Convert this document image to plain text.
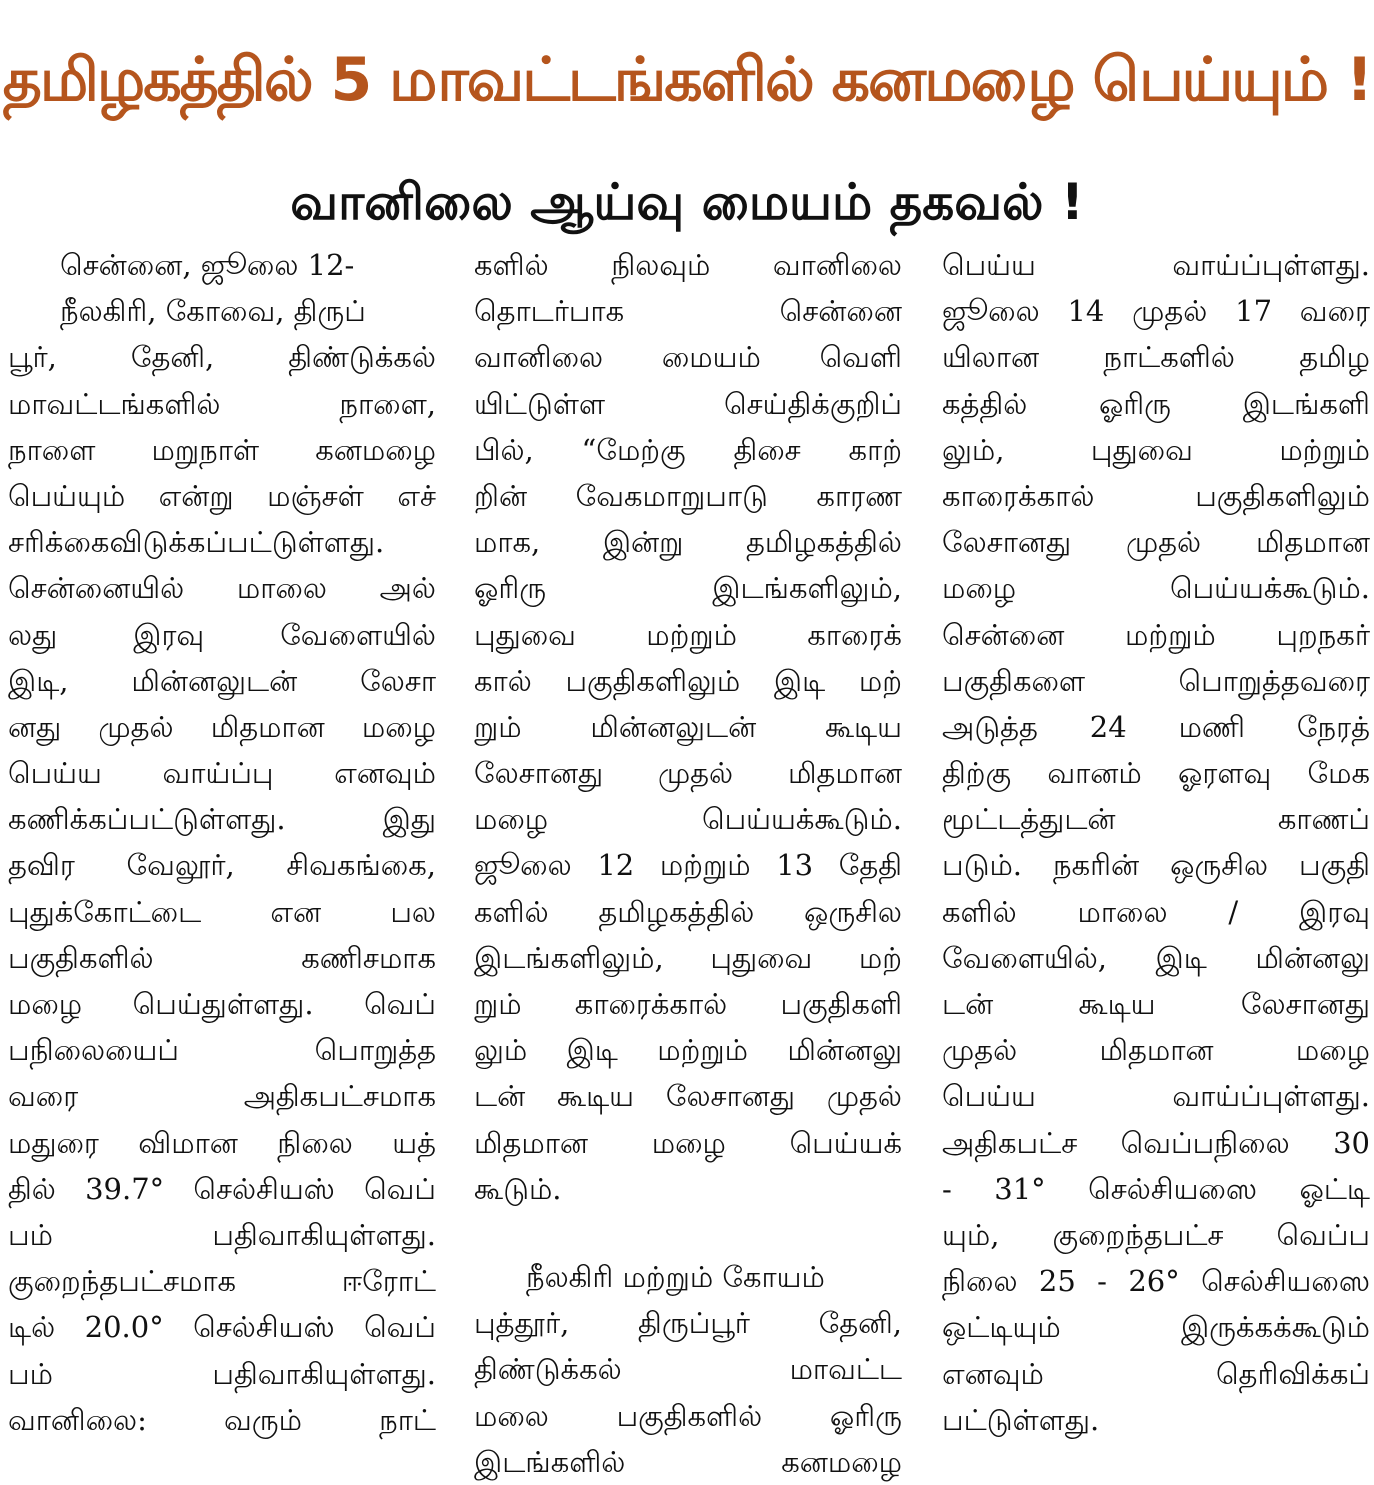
தமிழகத்தில் 5 மாவட்டங்களில் கனமழை பெய்யும் !
வானிலை ஆய்வு மையம் தகவல் !
சென்னை, ஜூலை 12-
நீலகிரி, கோவை, திருப்
பூர், தேனி, திண்டுக்கல்
மாவட்டங்களில் நாளை,
நாளை மறுநாள் கனமழை
பெய்யும் என்று மஞ்சள் எச்
சரிக்கைவிடுக்கப்பட்டுள்ளது.
சென்னையில் மாலை அல்
லது இரவு வேளையில்
இடி, மின்னலுடன் லேசா
னது முதல் மிதமான மழை
பெய்ய வாய்ப்பு எனவும்
கணிக்கப்பட்டுள்ளது. இது
தவிர வேலூர், சிவகங்கை,
புதுக்கோட்டை என பல
பகுதிகளில் கணிசமாக
மழை பெய்துள்ளது. வெப்
பநிலையைப் பொறுத்த
வரை அதிகபட்சமாக
மதுரை விமான நிலை யத்
தில் 39.7° செல்சியஸ் வெப்
பம் பதிவாகியுள்ளது.
குறைந்தபட்சமாக ஈரோட்
டில் 20.0° செல்சியஸ் வெப்
பம் பதிவாகியுள்ளது.
வானிலை: வரும் நாட்
களில் நிலவும் வானிலை
தொடர்பாக சென்னை
வானிலை மையம் வெளி
யிட்டுள்ள செய்திக்குறிப்
பில், “மேற்கு திசை காற்
றின் வேகமாறுபாடு காரண
மாக, இன்று தமிழகத்தில்
ஓரிரு இடங்களிலும்,
புதுவை மற்றும் காரைக்
கால் பகுதிகளிலும் இடி மற்
றும் மின்னலுடன் கூடிய
லேசானது முதல் மிதமான
மழை பெய்யக்கூடும்.
ஜூலை 12 மற்றும் 13 தேதி
களில் தமிழகத்தில் ஒருசில
இடங்களிலும், புதுவை மற்
றும் காரைக்கால் பகுதிகளி
லும் இடி மற்றும் மின்னலு
டன் கூடிய லேசானது முதல்
மிதமான மழை பெய்யக்
கூடும்.
நீலகிரி மற்றும் கோயம்
புத்தூர், திருப்பூர் தேனி,
திண்டுக்கல் மாவட்ட
மலை பகுதிகளில் ஓரிரு
இடங்களில் கனமழை
பெய்ய வாய்ப்புள்ளது.
ஜூலை 14 முதல் 17 வரை
யிலான நாட்களில் தமிழ
கத்தில் ஓரிரு இடங்களி
லும், புதுவை மற்றும்
காரைக்கால் பகுதிகளிலும்
லேசானது முதல் மிதமான
மழை பெய்யக்கூடும்.
சென்னை மற்றும் புறநகர்
பகுதிகளை பொறுத்தவரை
அடுத்த 24 மணி நேரத்
திற்கு வானம் ஓரளவு மேக
மூட்டத்துடன் காணப்
படும். நகரின் ஒருசில பகுதி
களில் மாலை / இரவு
வேளையில், இடி மின்னலு
டன் கூடிய லேசானது
முதல் மிதமான மழை
பெய்ய வாய்ப்புள்ளது.
அதிகபட்ச வெப்பநிலை 30
- 31° செல்சியஸை ஓட்டி
யும், குறைந்தபட்ச வெப்ப
நிலை 25 - 26° செல்சியஸை
ஒட்டியும் இருக்கக்கூடும்
எனவும் தெரிவிக்கப்
பட்டுள்ளது.
